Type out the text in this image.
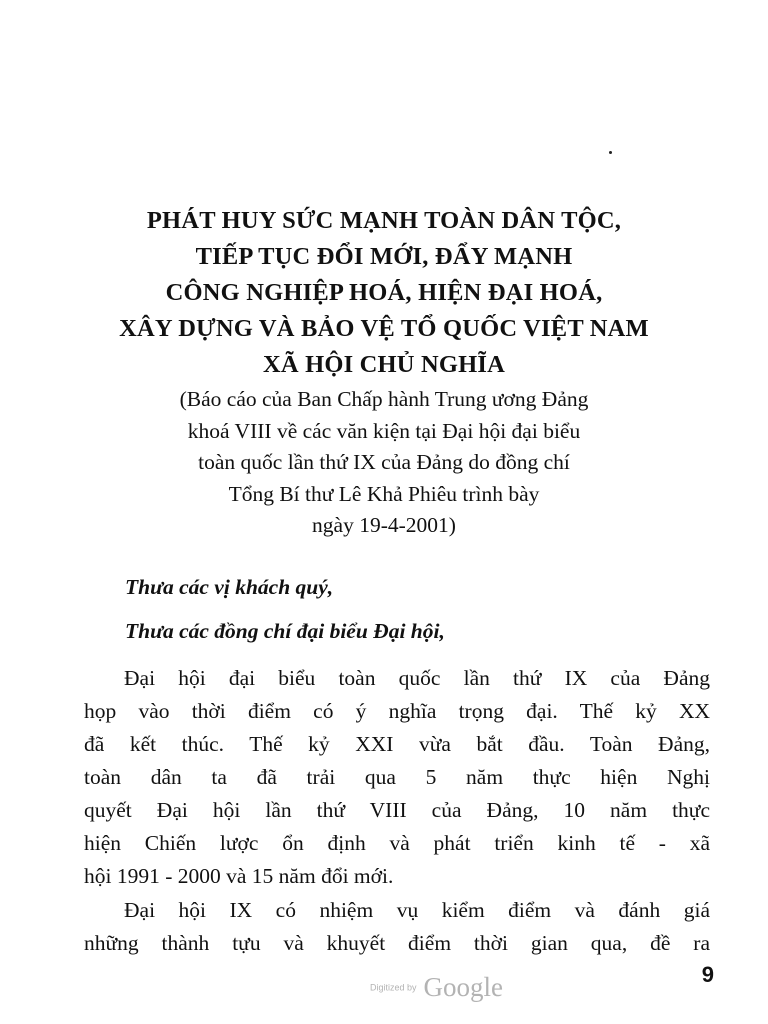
PHÁT HUY SỨC MẠNH TOÀN DÂN TỘC,
TIẾP TỤC ĐỔI MỚI, ĐẨY MẠNH
CÔNG NGHIỆP HOÁ, HIỆN ĐẠI HOÁ,
XÂY DỰNG VÀ BẢO VỆ TỔ QUỐC VIỆT NAM
XÃ HỘI CHỦ NGHĨA
(Báo cáo của Ban Chấp hành Trung ương Đảng
khoá VIII về các văn kiện tại Đại hội đại biểu
toàn quốc lần thứ IX của Đảng do đồng chí
Tổng Bí thư Lê Khả Phiêu trình bày
ngày 19-4-2001)
Thưa các vị khách quý,
Thưa các đồng chí đại biểu Đại hội,
Đại hội đại biểu toàn quốc lần thứ IX của Đảng
họp vào thời điểm có ý nghĩa trọng đại. Thế kỷ XX
đã kết thúc. Thế kỷ XXI vừa bắt đầu. Toàn Đảng,
toàn dân ta đã trải qua 5 năm thực hiện Nghị
quyết Đại hội lần thứ VIII của Đảng, 10 năm thực
hiện Chiến lược ổn định và phát triển kinh tế - xã
hội 1991 - 2000 và 15 năm đổi mới.
Đại hội IX có nhiệm vụ kiểm điểm và đánh giá
những thành tựu và khuyết điểm thời gian qua, đề ra
9
Digitized by Google
